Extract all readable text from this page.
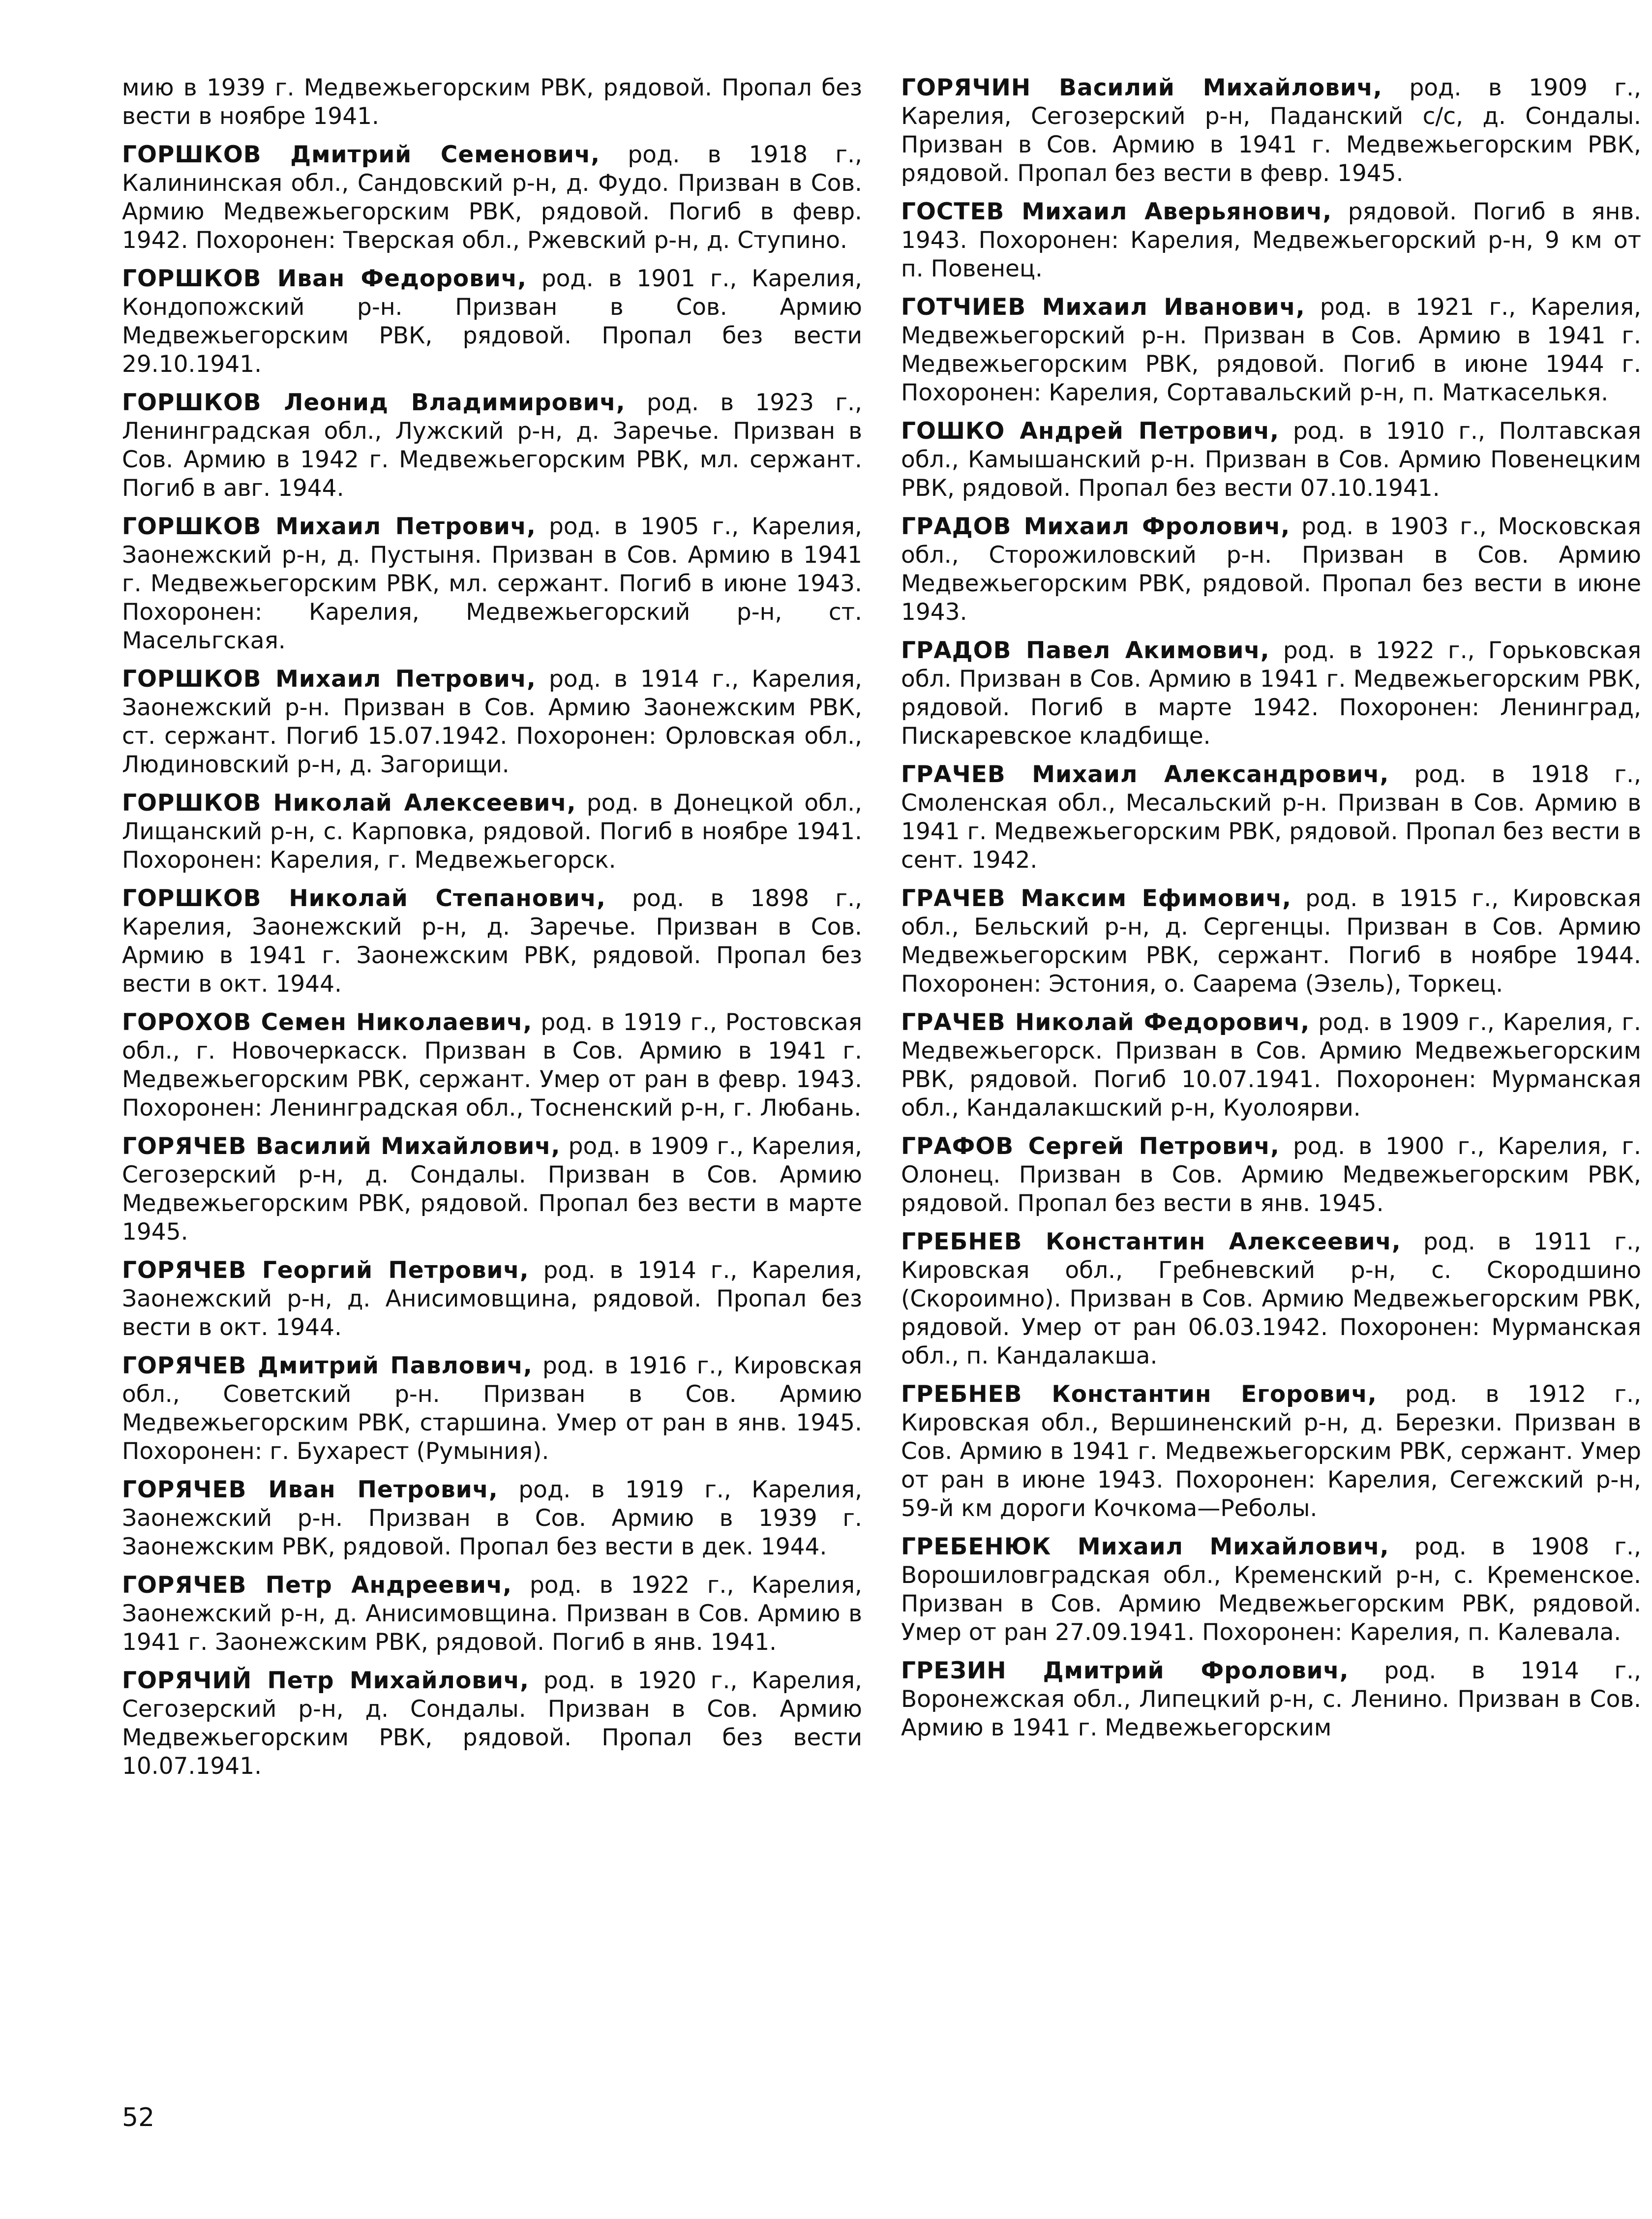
мию в 1939 г. Медвежьегорским РВК, рядовой. Пропал без вести в ноябре 1941.

ГОРШКОВ Дмитрий Семенович, род. в 1918 г., Калининская обл., Сандовский р-н, д. Фудо. Призван в Сов. Армию Медвежьегорским РВК, рядовой. Погиб в февр. 1942. Похоронен: Тверская обл., Ржевский р-н, д. Ступино.

ГОРШКОВ Иван Федорович, род. в 1901 г., Карелия, Кондопожский р-н. Призван в Сов. Армию Медвежьегорским РВК, рядовой. Пропал без вести 29.10.1941.

ГОРШКОВ Леонид Владимирович, род. в 1923 г., Ленинградская обл., Лужский р-н, д. Заречье. Призван в Сов. Армию в 1942 г. Медвежьегорским РВК, мл. сержант. Погиб в авг. 1944.

ГОРШКОВ Михаил Петрович, род. в 1905 г., Карелия, Заонежский р-н, д. Пустыня. Призван в Сов. Армию в 1941 г. Медвежьегорским РВК, мл. сержант. Погиб в июне 1943. Похоронен: Карелия, Медвежьегорский р-н, ст. Масельгская.

ГОРШКОВ Михаил Петрович, род. в 1914 г., Карелия, Заонежский р-н. Призван в Сов. Армию Заонежским РВК, ст. сержант. Погиб 15.07.1942. Похоронен: Орловская обл., Людиновский р-н, д. Загорищи.

ГОРШКОВ Николай Алексеевич, род. в Донецкой обл., Лищанский р-н, с. Карповка, рядовой. Погиб в ноябре 1941. Похоронен: Карелия, г. Медвежьегорск.

ГОРШКОВ Николай Степанович, род. в 1898 г., Карелия, Заонежский р-н, д. Заречье. Призван в Сов. Армию в 1941 г. Заонежским РВК, рядовой. Пропал без вести в окт. 1944.

ГОРОХОВ Семен Николаевич, род. в 1919 г., Ростовская обл., г. Новочеркасск. Призван в Сов. Армию в 1941 г. Медвежьегорским РВК, сержант. Умер от ран в февр. 1943. Похоронен: Ленинградская обл., Тосненский р-н, г. Любань.

ГОРЯЧЕВ Василий Михайлович, род. в 1909 г., Карелия, Сегозерский р-н, д. Сондалы. Призван в Сов. Армию Медвежьегорским РВК, рядовой. Пропал без вести в марте 1945.

ГОРЯЧЕВ Георгий Петрович, род. в 1914 г., Карелия, Заонежский р-н, д. Анисимовщина, рядовой. Пропал без вести в окт. 1944.

ГОРЯЧЕВ Дмитрий Павлович, род. в 1916 г., Кировская обл., Советский р-н. Призван в Сов. Армию Медвежьегорским РВК, старшина. Умер от ран в янв. 1945. Похоронен: г. Бухарест (Румыния).

ГОРЯЧЕВ Иван Петрович, род. в 1919 г., Карелия, Заонежский р-н. Призван в Сов. Армию в 1939 г. Заонежским РВК, рядовой. Пропал без вести в дек. 1944.

ГОРЯЧЕВ Петр Андреевич, род. в 1922 г., Карелия, Заонежский р-н, д. Анисимовщина. Призван в Сов. Армию в 1941 г. Заонежским РВК, рядовой. Погиб в янв. 1941.

ГОРЯЧИЙ Петр Михайлович, род. в 1920 г., Карелия, Сегозерский р-н, д. Сондалы. Призван в Сов. Армию Медвежьегорским РВК, рядовой. Пропал без вести 10.07.1941.

ГОРЯЧИН Василий Михайлович, род. в 1909 г., Карелия, Сегозерский р-н, Паданский с/с, д. Сондалы. Призван в Сов. Армию в 1941 г. Медвежьегорским РВК, рядовой. Пропал без вести в февр. 1945.

ГОСТЕВ Михаил Аверьянович, рядовой. Погиб в янв. 1943. Похоронен: Карелия, Медвежьегорский р-н, 9 км от п. Повенец.

ГОТЧИЕВ Михаил Иванович, род. в 1921 г., Карелия, Медвежьегорский р-н. Призван в Сов. Армию в 1941 г. Медвежьегорским РВК, рядовой. Погиб в июне 1944 г. Похоронен: Карелия, Сортавальский р-н, п. Маткаселькя.

ГОШКО Андрей Петрович, род. в 1910 г., Полтавская обл., Камышанский р-н. Призван в Сов. Армию Повенецким РВК, рядовой. Пропал без вести 07.10.1941.

ГРАДОВ Михаил Фролович, род. в 1903 г., Московская обл., Сторожиловский р-н. Призван в Сов. Армию Медвежьегорским РВК, рядовой. Пропал без вести в июне 1943.

ГРАДОВ Павел Акимович, род. в 1922 г., Горьковская обл. Призван в Сов. Армию в 1941 г. Медвежьегорским РВК, рядовой. Погиб в марте 1942. Похоронен: Ленинград, Пискаревское кладбище.

ГРАЧЕВ Михаил Александрович, род. в 1918 г., Смоленская обл., Месальский р-н. Призван в Сов. Армию в 1941 г. Медвежьегорским РВК, рядовой. Пропал без вести в сент. 1942.

ГРАЧЕВ Максим Ефимович, род. в 1915 г., Кировская обл., Бельский р-н, д. Сергенцы. Призван в Сов. Армию Медвежьегорским РВК, сержант. Погиб в ноябре 1944. Похоронен: Эстония, о. Саарема (Эзель), Торкец.

ГРАЧЕВ Николай Федорович, род. в 1909 г., Карелия, г. Медвежьегорск. Призван в Сов. Армию Медвежьегорским РВК, рядовой. Погиб 10.07.1941. Похоронен: Мурманская обл., Кандалакшский р-н, Куолоярви.

ГРАФОВ Сергей Петрович, род. в 1900 г., Карелия, г. Олонец. Призван в Сов. Армию Медвежьегорским РВК, рядовой. Пропал без вести в янв. 1945.

ГРЕБНЕВ Константин Алексеевич, род. в 1911 г., Кировская обл., Гребневский р-н, с. Скородшино (Скороимно). Призван в Сов. Армию Медвежьегорским РВК, рядовой. Умер от ран 06.03.1942. Похоронен: Мурманская обл., п. Кандалакша.

ГРЕБНЕВ Константин Егорович, род. в 1912 г., Кировская обл., Вершиненский р-н, д. Березки. Призван в Сов. Армию в 1941 г. Медвежьегорским РВК, сержант. Умер от ран в июне 1943. Похоронен: Карелия, Сегежский р-н, 59-й км дороги Кочкома—Реболы.

ГРЕБЕНЮК Михаил Михайлович, род. в 1908 г., Ворошиловградская обл., Кременский р-н, с. Кременское. Призван в Сов. Армию Медвежьегорским РВК, рядовой. Умер от ран 27.09.1941. Похоронен: Карелия, п. Калевала.

ГРЕЗИН Дмитрий Фролович, род. в 1914 г., Воронежская обл., Липецкий р-н, с. Ленино. Призван в Сов. Армию в 1941 г. Медвежьегорским

52
